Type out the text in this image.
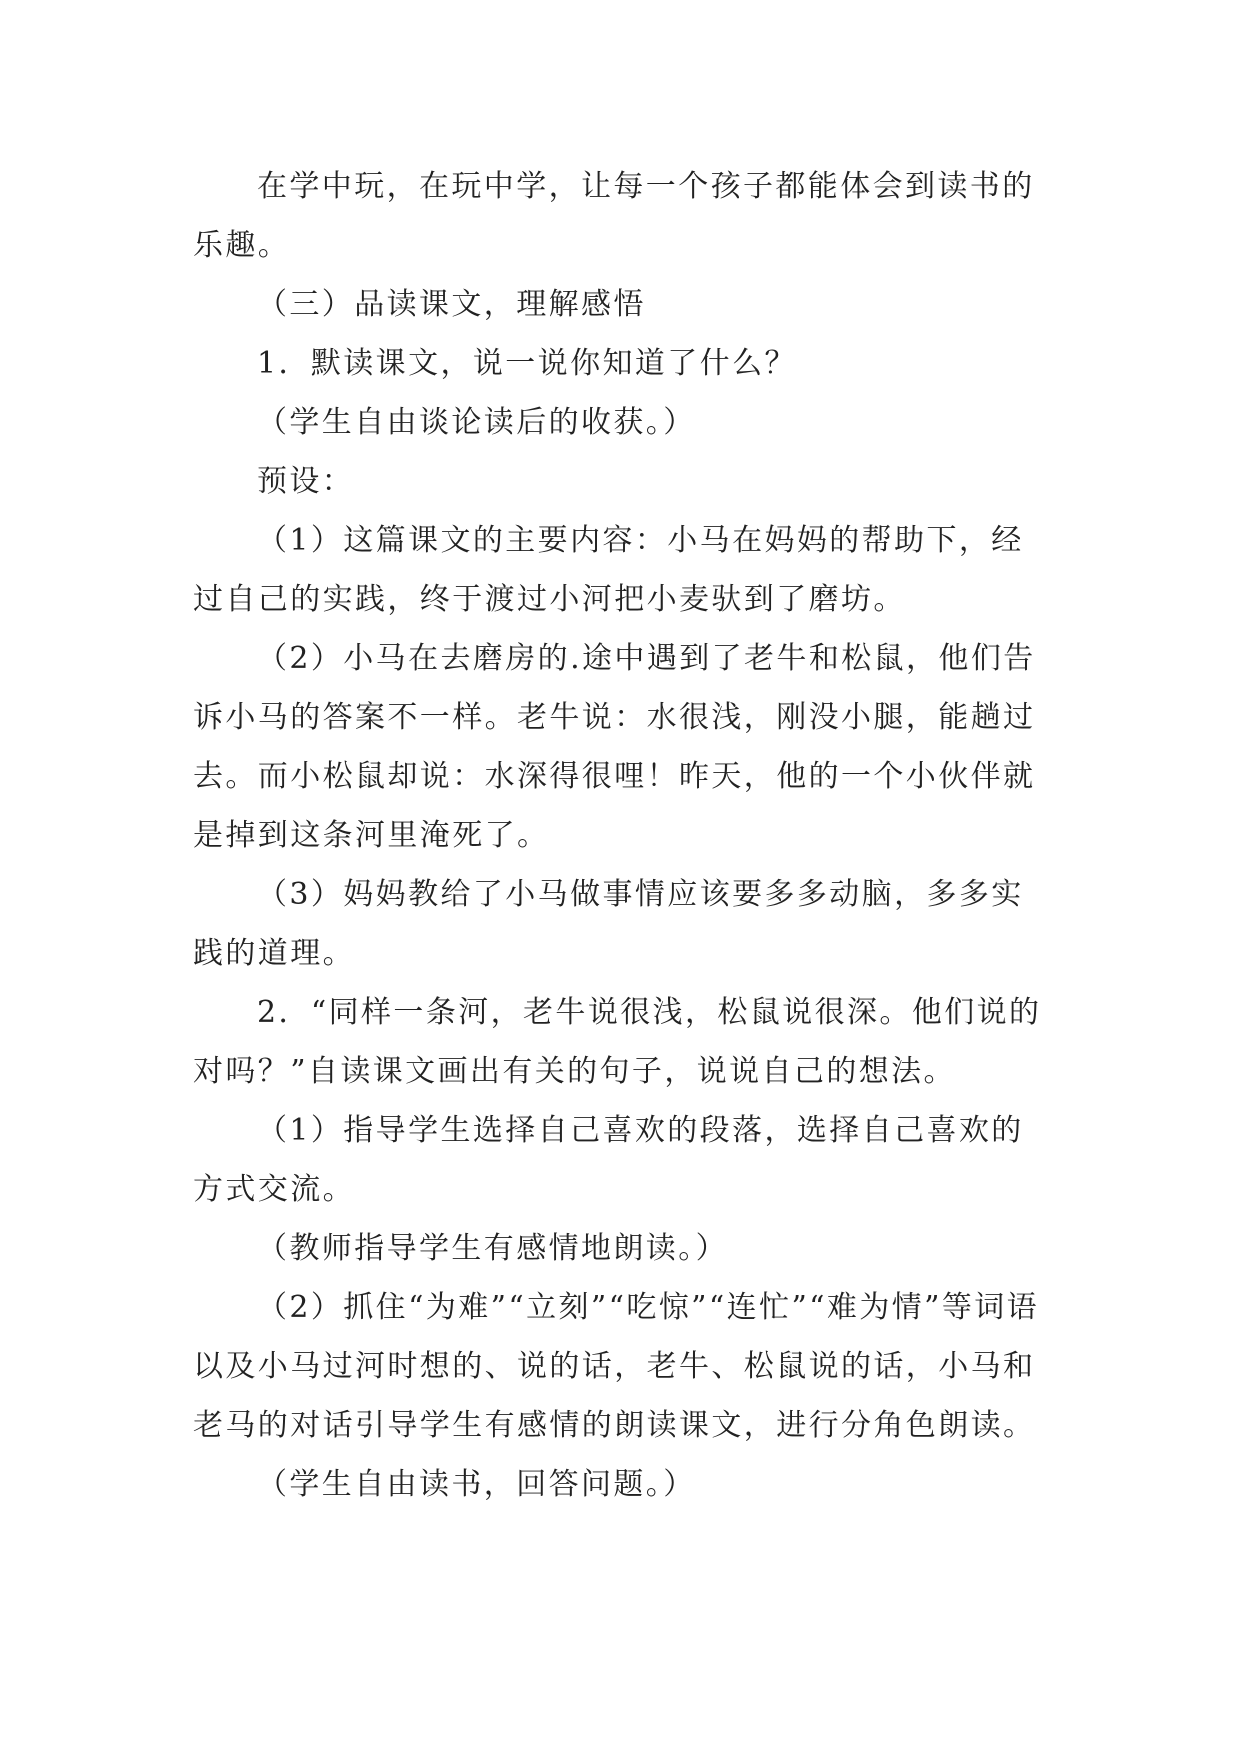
在学中玩，在玩中学，让每一个孩子都能体会到读书的乐趣。

（三）品读课文，理解感悟

1．默读课文，说一说你知道了什么？

（学生自由谈论读后的收获。）

预设：

（1）这篇课文的主要内容：小马在妈妈的帮助下，经过自己的实践，终于渡过小河把小麦驮到了磨坊。

（2）小马在去磨房的.途中遇到了老牛和松鼠，他们告诉小马的答案不一样。老牛说：水很浅，刚没小腿，能趟过去。而小松鼠却说：水深得很哩！昨天，他的一个小伙伴就是掉到这条河里淹死了。

（3）妈妈教给了小马做事情应该要多多动脑，多多实践的道理。

2．“同样一条河，老牛说很浅，松鼠说很深。他们说的对吗？”自读课文画出有关的句子，说说自己的想法。

（1）指导学生选择自己喜欢的段落，选择自己喜欢的方式交流。

（教师指导学生有感情地朗读。）

（2）抓住“为难”“立刻”“吃惊”“连忙”“难为情”等词语以及小马过河时想的、说的话，老牛、松鼠说的话，小马和老马的对话引导学生有感情的朗读课文，进行分角色朗读。

（学生自由读书，回答问题。）
